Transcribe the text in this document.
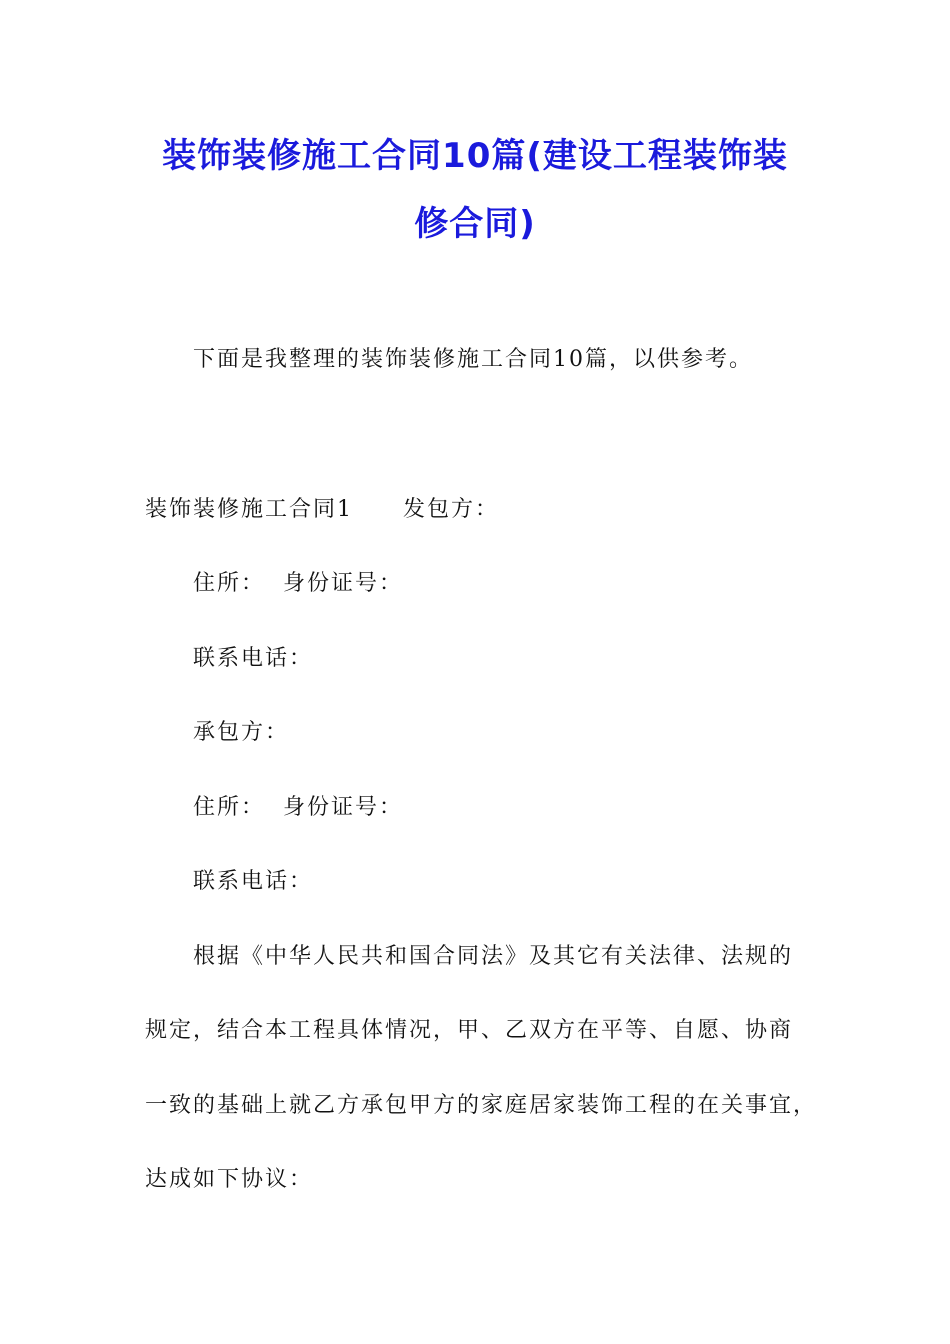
装饰装修施工合同10篇(建设工程装饰装
修合同)
下面是我整理的装饰装修施工合同10篇，以供参考。
装饰装修施工合同1 发包方：
住所： 身份证号：
联系电话：
承包方：
住所： 身份证号：
联系电话：
根据《中华人民共和国合同法》及其它有关法律、法规的
规定，结合本工程具体情况，甲、乙双方在平等、自愿、协商
一致的基础上就乙方承包甲方的家庭居家装饰工程的在关事宜，
达成如下协议：
